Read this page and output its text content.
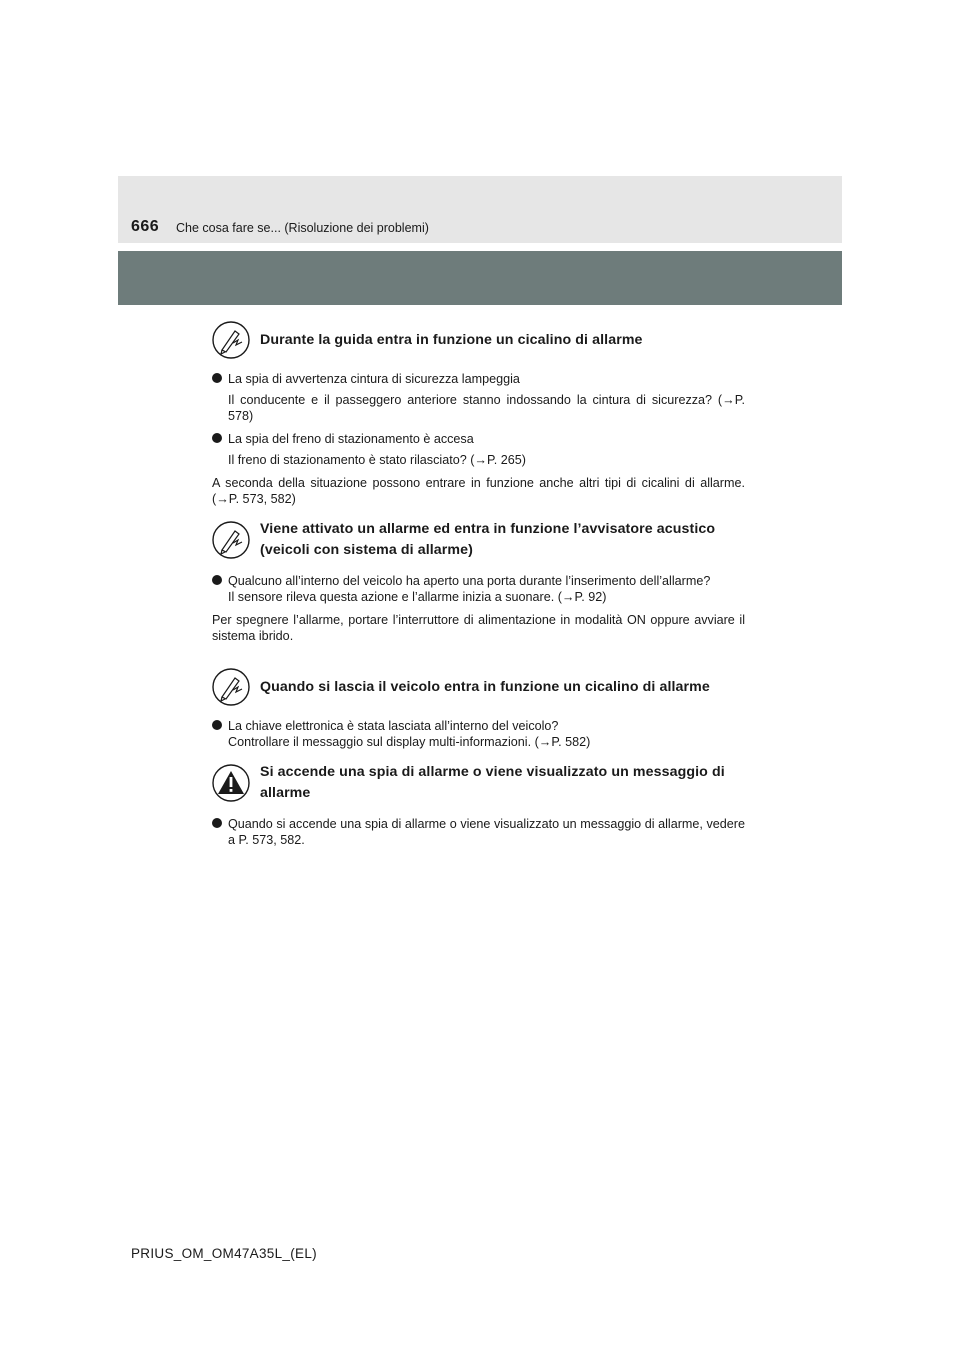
666 Che cosa fare se... (Risoluzione dei problemi)
Durante la guida entra in funzione un cicalino di allarme

La spia di avvertenza cintura di sicurezza lampeggia

Il conducente e il passeggero anteriore stanno indossando la cintura di sicurezza? (→P. 578)

La spia del freno di stazionamento è accesa

Il freno di stazionamento è stato rilasciato? (→P. 265)

A seconda della situazione possono entrare in funzione anche altri tipi di cicalini di allarme. (→P. 573, 582)

Viene attivato un allarme ed entra in funzione l’avvisatore acustico (veicoli con sistema di allarme)

Qualcuno all’interno del veicolo ha aperto una porta durante l’inserimento dell’allarme?

Il sensore rileva questa azione e l’allarme inizia a suonare. (→P. 92)

Per spegnere l’allarme, portare l’interruttore di alimentazione in modalità ON oppure avviare il sistema ibrido.

Quando si lascia il veicolo entra in funzione un cicalino di allarme

La chiave elettronica è stata lasciata all’interno del veicolo?

Controllare il messaggio sul display multi-informazioni. (→P. 582)

Si accende una spia di allarme o viene visualizzato un messaggio di allarme

Quando si accende una spia di allarme o viene visualizzato un messaggio di allarme, vedere a P. 573, 582.

PRIUS_OM_OM47A35L_(EL)
